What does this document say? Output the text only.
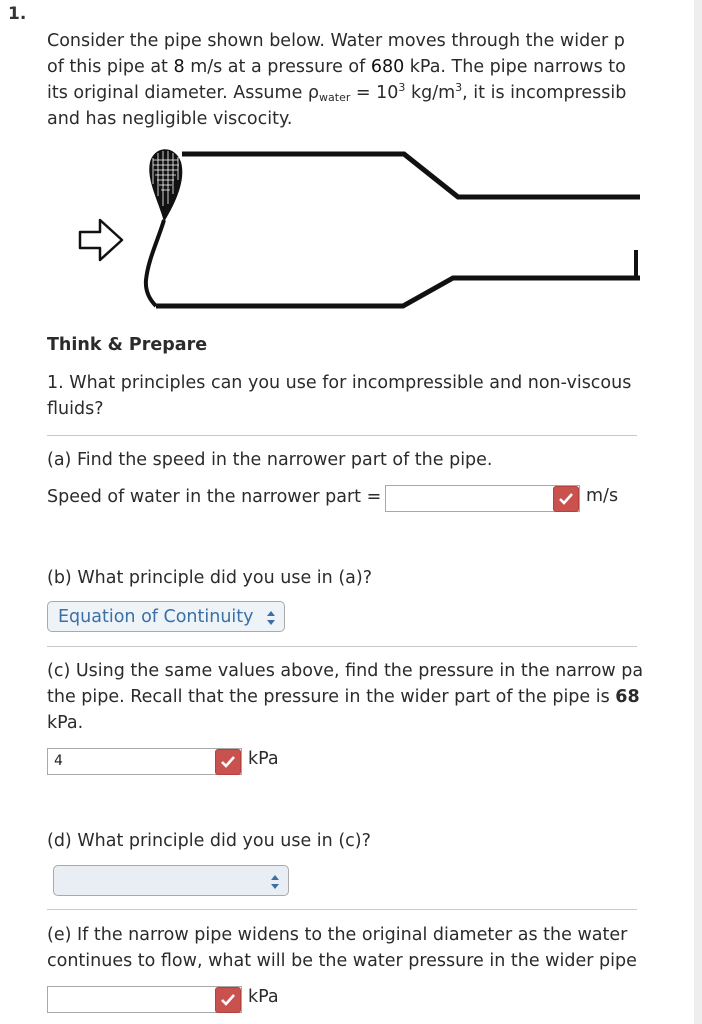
1.
Consider the pipe shown below. Water moves through the wider p
of this pipe at 8 m/s at a pressure of 680 kPa. The pipe narrows to
its original diameter. Assume $\rho_{water} = 10^3$ $kg/m^3$, it is incompressib
and has negligible viscocity.
Think & Prepare
1. What principles can you use for incompressible and non-viscous
fluids?
(a) Find the speed in the narrower part of the pipe.
Speed of water in the narrower part =	m/s
(b) What principle did you use in (a)?
Equation of Continuity
(c) Using the same values above, find the pressure in the narrow pa
the pipe. Recall that the pressure in the wider part of the pipe is 68
kPa.
4	kPa
(d) What principle did you use in (c)?
(e) If the narrow pipe widens to the original diameter as the water
continues to flow, what will be the water pressure in the wider pipe
kPa
